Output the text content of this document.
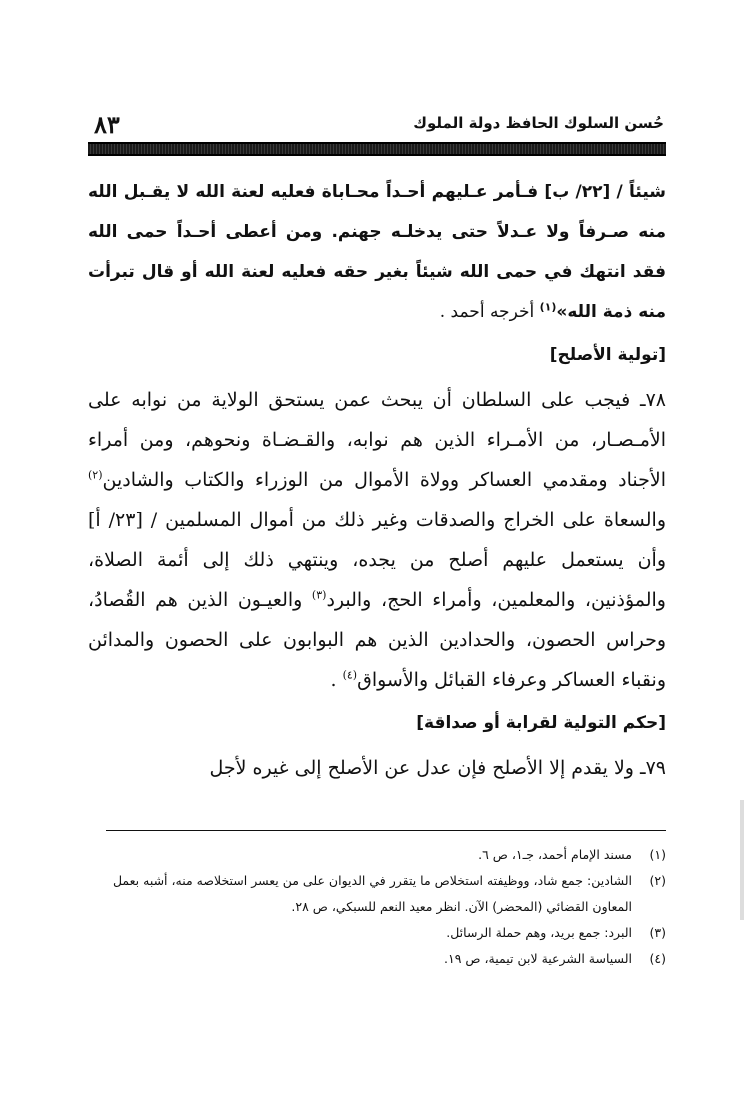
حُسن السلوك الحافظ دولة الملوك
٨٣

شيئاً / [٢٢/ ب] فـأمر عـليهم أحـداً محـاباة فعليه لعنة الله لا يقـبل الله منه صـرفاً ولا عـدلاً حتى يدخلـه جهنم. ومن أعطى أحـداً حمى الله فقد انتهك في حمى الله شيئاً بغير حقه فعليه لعنة الله أو قال تبرأت منه ذمة الله»$^{(١)}$ أخرجه أحمد .

[تولية الأصلح]

٧٨ـ فيجب على السلطان أن يبحث عمن يستحق الولاية من نوابه على الأمـصـار، من الأمـراء الذين هم نوابه، والقـضـاة ونحوهم، ومن أمراء الأجناد ومقدمي العساكر وولاة الأموال من الوزراء والكتاب والشادين$^{(٢)}$ والسعاة على الخراج والصدقات وغير ذلك من أموال المسلمين / [٢٣/ أ] وأن يستعمل عليهم أصلح من يجده، وينتهي ذلك إلى أئمة الصلاة، والمؤذنين، والمعلمين، وأمراء الحج، والبرد$^{(٣)}$ والعيـون الذين هم القُصادُ، وحراس الحصون، والحدادين الذين هم البوابون على الحصون والمدائن ونقباء العساكر وعرفاء القبائل والأسواق$^{(٤)}$ .

[حكم التولية لقرابة أو صداقة]

٧٩ـ ولا يقدم إلا الأصلح فإن عدل عن الأصلح إلى غيره لأجل

(١)
مسند الإمام أحمد، جـ١، ص ٦.

(٢)
الشادين: جمع شاد، ووظيفته استخلاص ما يتقرر في الديوان على من يعسر استخلاصه منه، أشبه بعمل المعاون القضائي (المحضر) الآن. انظر معيد النعم للسبكي، ص ٢٨.

(٣)
البرد: جمع بريد، وهم حملة الرسائل.

(٤)
السياسة الشرعية لابن تيمية، ص ١٩.
